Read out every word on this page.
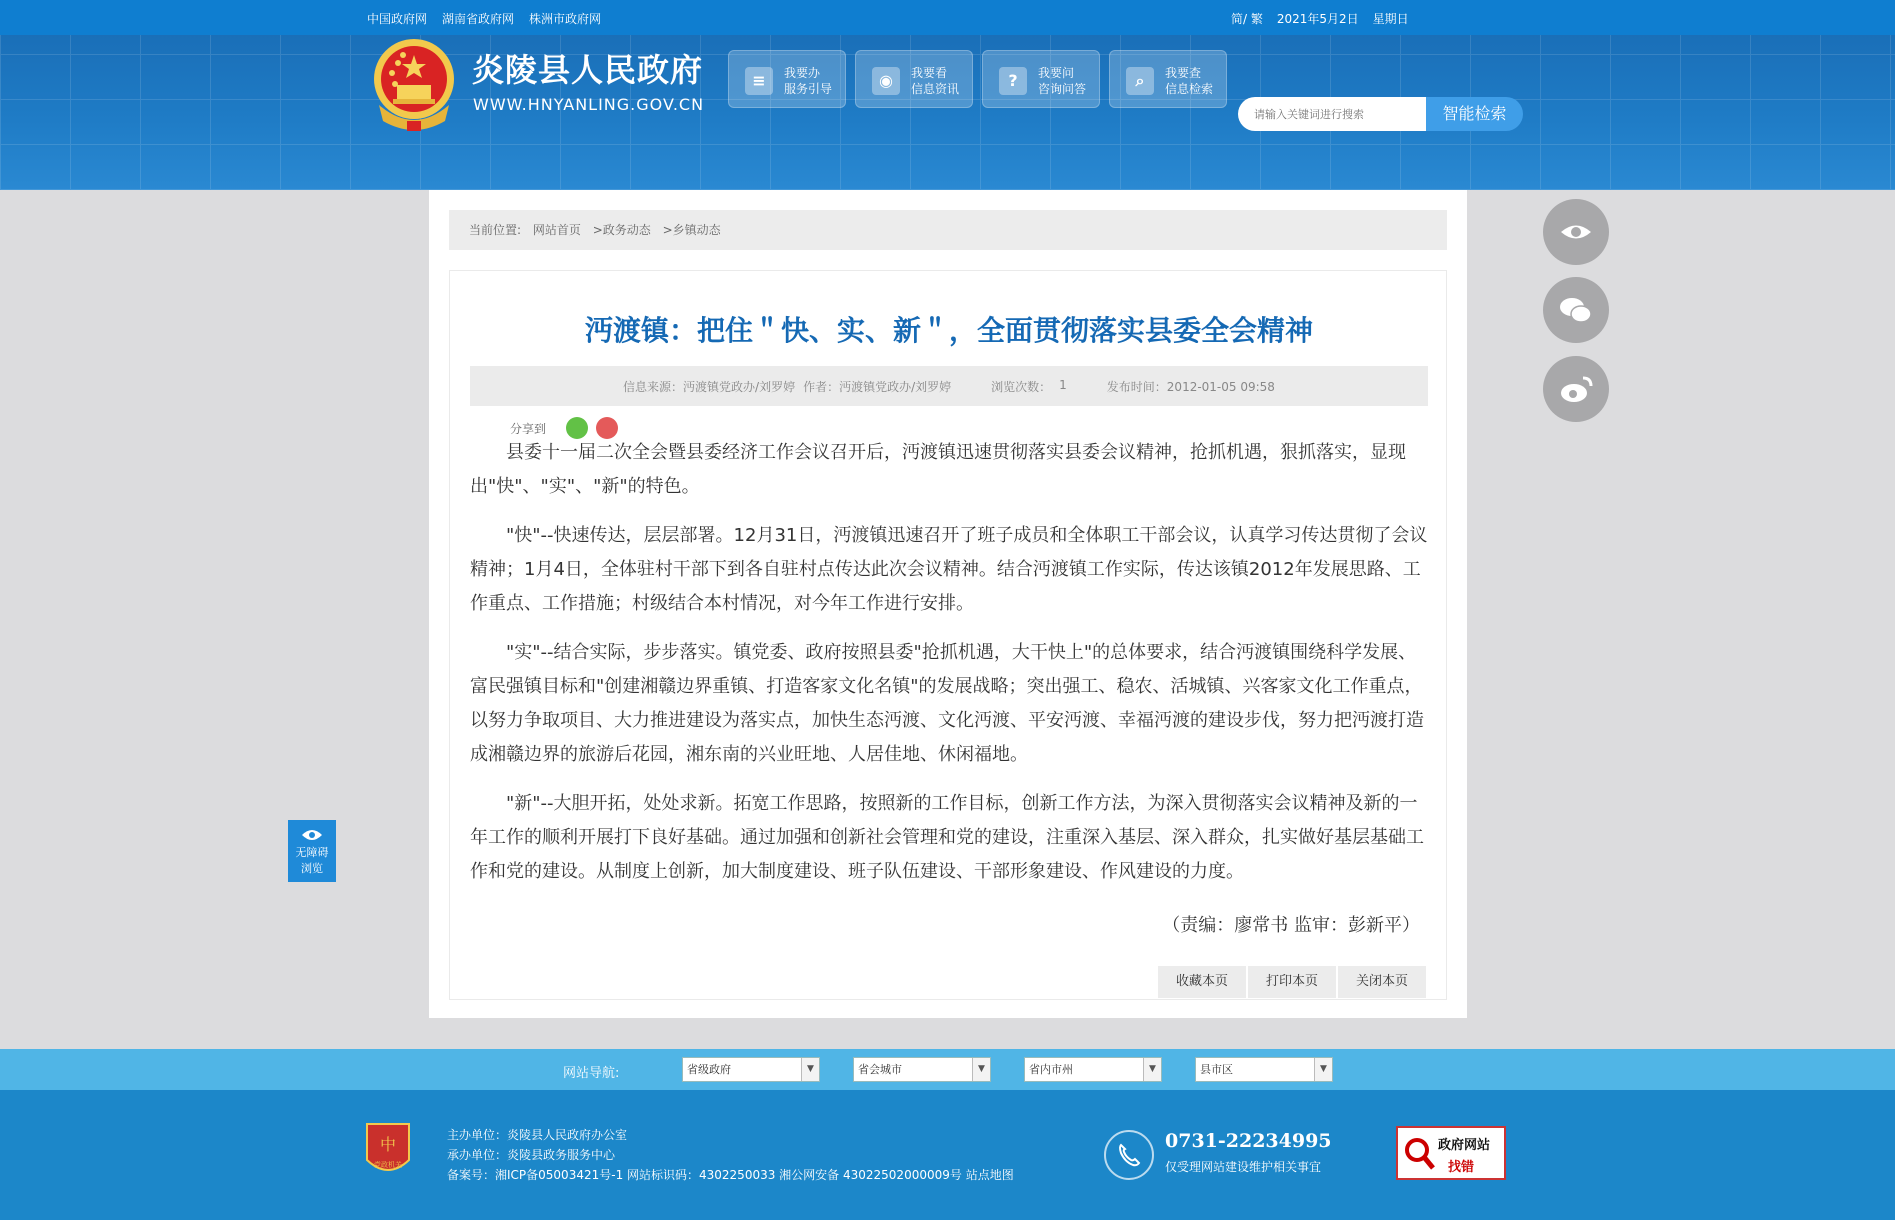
中国政府网 湖南省政府网 株洲市政府网	简/ 繁 2021年5月2日 星期日
炎陵县人民政府
WWW.HNYANLING.GOV.CN
≡	我要办
服务引导	◉	我要看
信息资讯	?	我要问
咨询问答	⌕	我要查
信息检索
请输入关键词进行搜索
智能检索
当前位置: 网站首页 >政务动态 >乡镇动态
沔渡镇：把住＂快、实、新＂，全面贯彻落实县委全会精神
信息来源：沔渡镇党政办/刘罗婷 作者：沔渡镇党政办/刘罗婷	浏览次数： 1	发布时间：2012-01-05 09:58
分享到

县委十一届二次全会暨县委经济工作会议召开后，沔渡镇迅速贯彻落实县委会议精神，抢抓机遇，狠抓落实，显现出"快"、"实"、"新"的特色。

"快"--快速传达，层层部署。12月31日，沔渡镇迅速召开了班子成员和全体职工干部会议，认真学习传达贯彻了会议精神；1月4日，全体驻村干部下到各自驻村点传达此次会议精神。结合沔渡镇工作实际，传达该镇2012年发展思路、工作重点、工作措施；村级结合本村情况，对今年工作进行安排。

"实"--结合实际，步步落实。镇党委、政府按照县委"抢抓机遇，大干快上"的总体要求，结合沔渡镇围绕科学发展、富民强镇目标和"创建湘赣边界重镇、打造客家文化名镇"的发展战略；突出强工、稳农、活城镇、兴客家文化工作重点，以努力争取项目、大力推进建设为落实点，加快生态沔渡、文化沔渡、平安沔渡、幸福沔渡的建设步伐，努力把沔渡打造成湘赣边界的旅游后花园，湘东南的兴业旺地、人居佳地、休闲福地。

"新"--大胆开拓，处处求新。拓宽工作思路，按照新的工作目标，创新工作方法，为深入贯彻落实会议精神及新的一年工作的顺利开展打下良好基础。通过加强和创新社会管理和党的建设，注重深入基层、深入群众，扎实做好基层基础工作和党的建设。从制度上创新，加大制度建设、班子队伍建设、干部形象建设、作风建设的力度。

（责编：廖常书 监审：彭新平）
收藏本页	打印本页	关闭本页
无障碍
浏览
网站导航:	省级政府	▼	省会城市	▼	省内市州	▼	县市区	▼
中
党政机关
主办单位：炎陵县人民政府办公室
承办单位：炎陵县政务服务中心
备案号：湘ICP备05003421号-1 网站标识码：4302250033 湘公网安备 43022502000009号 站点地图
0731-22234995
仅受理网站建设维护相关事宜
政府网站
找错
